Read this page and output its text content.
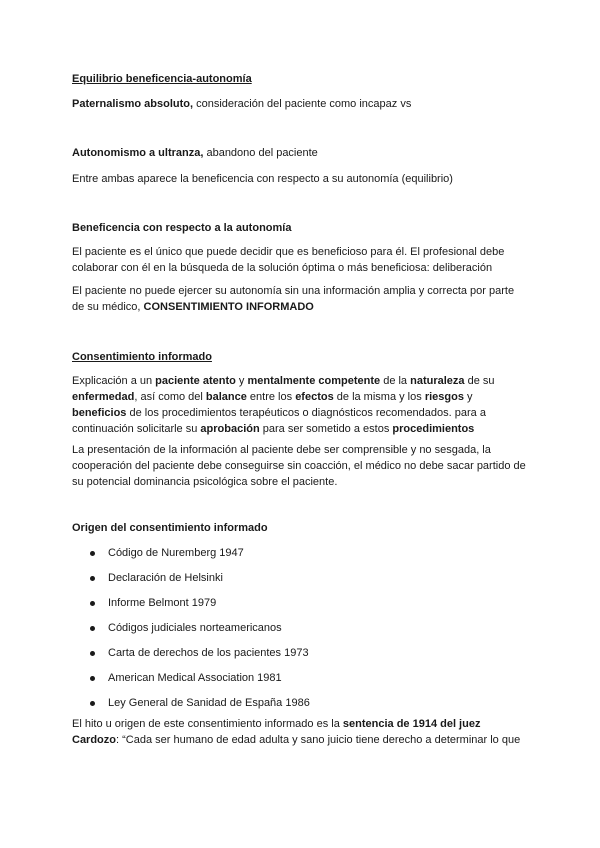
Equilibrio beneficencia-autonomía

Paternalismo absoluto, consideración del paciente como incapaz vs

Autonomismo a ultranza, abandono del paciente

Entre ambas aparece la beneficencia con respecto a su autonomía (equilibrio)

Beneficencia con respecto a la autonomía

El paciente es el único que puede decidir que es beneficioso para él. El profesional debe colaborar con él en la búsqueda de la solución óptima o más beneficiosa: deliberación

El paciente no puede ejercer su autonomía sin una información amplia y correcta por parte de su médico, CONSENTIMIENTO INFORMADO

Consentimiento informado

Explicación a un paciente atento y mentalmente competente de la naturaleza de su enfermedad, así como del balance entre los efectos de la misma y los riesgos y beneficios de los procedimientos terapéuticos o diagnósticos recomendados. para a continuación solicitarle su aprobación para ser sometido a estos procedimientos

La presentación de la información al paciente debe ser comprensible y no sesgada, la cooperación del paciente debe conseguirse sin coacción, el médico no debe sacar partido de su potencial dominancia psicológica sobre el paciente.

Origen del consentimiento informado

Código de Nuremberg 1947
Declaración de Helsinki
Informe Belmont 1979
Códigos judiciales norteamericanos
Carta de derechos de los pacientes 1973
American Medical Association 1981
Ley General de Sanidad de España 1986

El hito u origen de este consentimiento informado es la sentencia de 1914 del juez Cardozo: “Cada ser humano de edad adulta y sano juicio tiene derecho a determinar lo que
